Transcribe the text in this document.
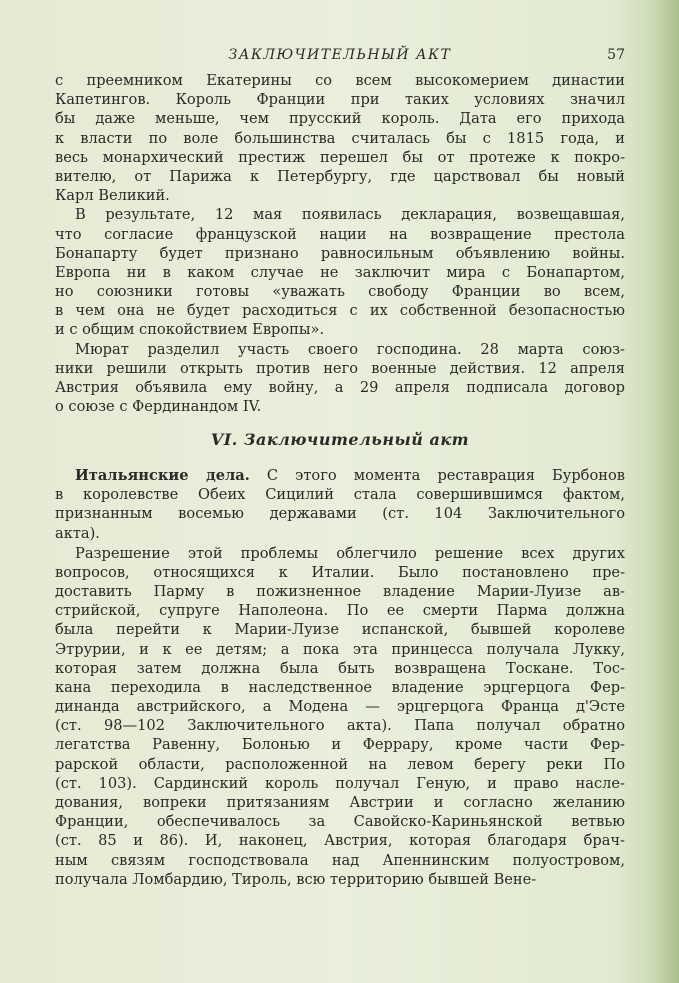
ЗАКЛЮЧИТЕЛЬНЫЙ АКТ	57
с преемником Екатерины со всем высокомерием династии
Капетингов. Король Франции при таких условиях значил
бы даже меньше, чем прусский король. Дата его прихода
к власти по воле большинства считалась бы с 1815 года, и
весь монархический престиж перешел бы от протеже к покро-
вителю, от Парижа к Петербургу, где царствовал бы новый
Карл Великий.
В результате, 12 мая появилась декларация, возвещавшая,
что согласие французской нации на возвращение престола
Бонапарту будет признано равносильным объявлению войны.
Европа ни в каком случае не заключит мира с Бонапартом,
но союзники готовы «уважать свободу Франции во всем,
в чем она не будет расходиться с их собственной безопасностью
и с общим спокойствием Европы».
Мюрат разделил участь своего господина. 28 марта союз-
ники решили открыть против него военные действия. 12 апреля
Австрия объявила ему войну, а 29 апреля подписала договор
о союзе с Фердинандом IV.
VI. Заключительный акт
Итальянские дела. С этого момента реставрация Бурбонов
в королевстве Обеих Сицилий стала совершившимся фактом,
признанным восемью державами (ст. 104 Заключительного
акта).
Разрешение этой проблемы облегчило решение всех других
вопросов, относящихся к Италии. Было постановлено пре-
доставить Парму в пожизненное владение Марии-Луизе ав-
стрийской, супруге Наполеона. По ее смерти Парма должна
была перейти к Марии-Луизе испанской, бывшей королеве
Этрурии, и к ее детям; а пока эта принцесса получала Лукку,
которая затем должна была быть возвращена Тоскане. Тос-
кана переходила в наследственное владение эрцгерцога Фер-
динанда австрийского, а Модена — эрцгерцога Франца д'Эсте
(ст. 98—102 Заключительного акта). Папа получал обратно
легатства Равенну, Болонью и Феррару, кроме части Фер-
рарской области, расположенной на левом берегу реки По
(ст. 103). Сардинский король получал Геную, и право насле-
дования, вопреки притязаниям Австрии и согласно желанию
Франции, обеспечивалось за Савойско-Кариньянской ветвью
(ст. 85 и 86). И, наконец, Австрия, которая благодаря брач-
ным связям господствовала над Апеннинским полуостровом,
получала Ломбардию, Тироль, всю территорию бывшей Вене-
